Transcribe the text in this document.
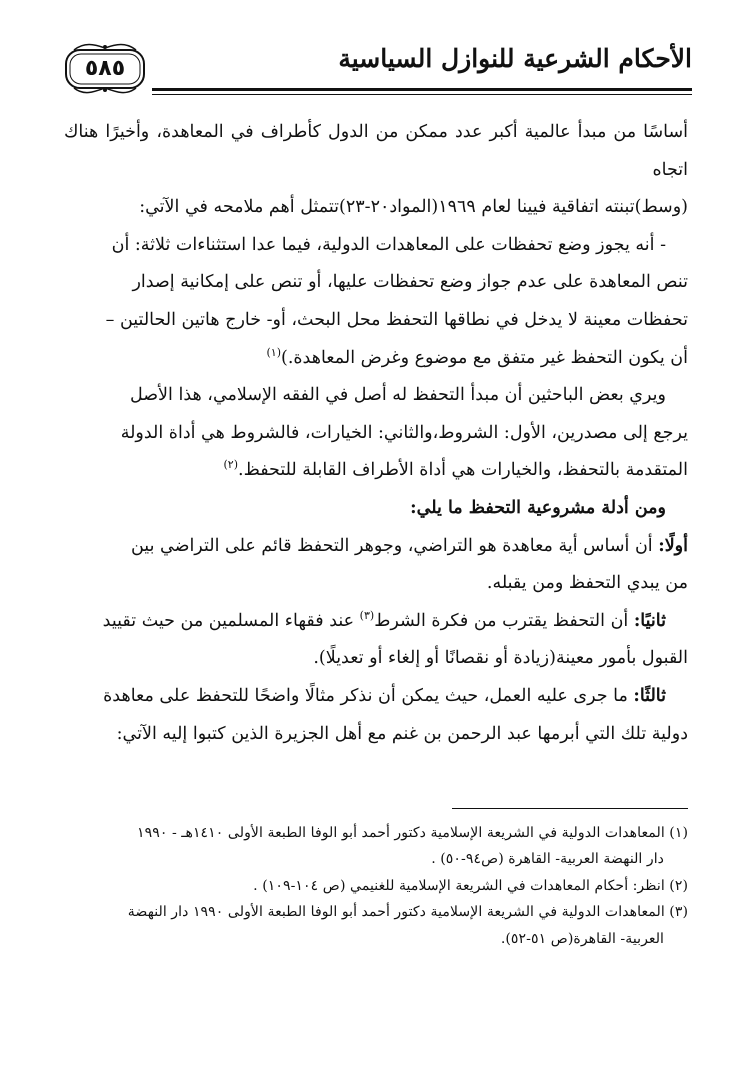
٥٨٥	الأحكام الشرعية للنوازل السياسية

أساسًا من مبدأ عالمية أكبر عدد ممكن من الدول كأطراف في المعاهدة، وأخيرًا هناك اتجاه

(وسط)تبنته اتفاقية فيينا لعام ١٩٦٩(المواد٢٠-٢٣)تتمثل أهم ملامحه في الآتي:

- أنه يجوز وضع تحفظات على المعاهدات الدولية، فيما عدا استثناءات ثلاثة: أن

تنص المعاهدة على عدم جواز وضع تحفظات عليها، أو تنص على إمكانية إصدار

تحفظات معينة لا يدخل في نطاقها التحفظ محل البحث، أو- خارج هاتين الحالتين –

أن يكون التحفظ غير متفق مع موضوع وغرض المعاهدة.)$^{(١)}$

ويري بعض الباحثين أن مبدأ التحفظ له أصل في الفقه الإسلامي، هذا الأصل

يرجع إلى مصدرين، الأول: الشروط،والثاني: الخيارات، فالشروط هي أداة الدولة

المتقدمة بالتحفظ، والخيارات هي أداة الأطراف القابلة للتحفظ.$^{(٢)}$

ومن أدلة مشروعية التحفظ ما يلي:

أولًا: أن أساس أية معاهدة هو التراضي، وجوهر التحفظ قائم على التراضي بين

من يبدي التحفظ ومن يقبله.

ثانيًا: أن التحفظ يقترب من فكرة الشرط$^{(٣)}$ عند فقهاء المسلمين من حيث تقييد

القبول بأمور معينة(زيادة أو نقصانًا أو إلغاء أو تعديلًا).

ثالثًا: ما جرى عليه العمل، حيث يمكن أن نذكر مثالًا واضحًا للتحفظ على معاهدة

دولية تلك التي أبرمها عبد الرحمن بن غنم مع أهل الجزيرة الذين كتبوا إليه الآتي:

(١) المعاهدات الدولية في الشريعة الإسلامية دكتور أحمد أبو الوفا الطبعة الأولى ١٤١٠هـ - ١٩٩٠

دار النهضة العربية- القاهرة (ص٩٤-٥٠) .

(٢) انظر: أحكام المعاهدات في الشريعة الإسلامية للغنيمي (ص ١٠٤-١٠٩) .

(٣) المعاهدات الدولية في الشريعة الإسلامية دكتور أحمد أبو الوفا الطبعة الأولى ١٩٩٠ دار النهضة

العربية- القاهرة(ص ٥١-٥٢).
